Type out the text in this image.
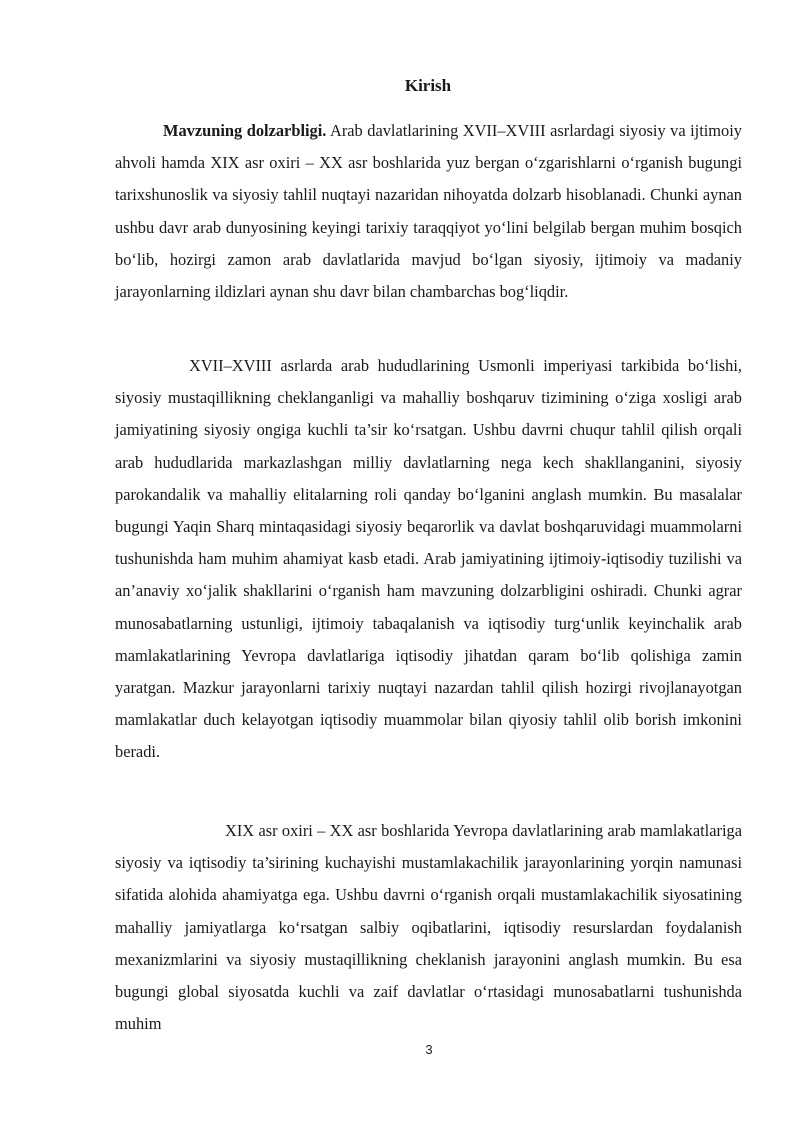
Kirish

Mavzuning dolzarbligi. Arab davlatlarining XVII–XVIII asrlardagi siyosiy va ijtimoiy ahvoli hamda XIX asr oxiri – XX asr boshlarida yuz bergan o‘zgarishlarni o‘rganish bugungi tarixshunoslik va siyosiy tahlil nuqtayi nazaridan nihoyatda dolzarb hisoblanadi. Chunki aynan ushbu davr arab dunyosining keyingi tarixiy taraqqiyot yo‘lini belgilab bergan muhim bosqich bo‘lib, hozirgi zamon arab davlatlarida mavjud bo‘lgan siyosiy, ijtimoiy va madaniy jarayonlarning ildizlari aynan shu davr bilan chambarchas bog‘liqdir.

XVII–XVIII asrlarda arab hududlarining Usmonli imperiyasi tarkibida bo‘lishi, siyosiy mustaqillikning cheklanganligi va mahalliy boshqaruv tizimining o‘ziga xosligi arab jamiyatining siyosiy ongiga kuchli ta’sir ko‘rsatgan. Ushbu davrni chuqur tahlil qilish orqali arab hududlarida markazlashgan milliy davlatlarning nega kech shakllanganini, siyosiy parokandalik va mahalliy elitalarning roli qanday bo‘lganini anglash mumkin. Bu masalalar bugungi Yaqin Sharq mintaqasidagi siyosiy beqarorlik va davlat boshqaruvidagi muammolarni tushunishda ham muhim ahamiyat kasb etadi. Arab jamiyatining ijtimoiy-iqtisodiy tuzilishi va an’anaviy xo‘jalik shakllarini o‘rganish ham mavzuning dolzarbligini oshiradi. Chunki agrar munosabatlarning ustunligi, ijtimoiy tabaqalanish va iqtisodiy turg‘unlik keyinchalik arab mamlakatlarining Yevropa davlatlariga iqtisodiy jihatdan qaram bo‘lib qolishiga zamin yaratgan. Mazkur jarayonlarni tarixiy nuqtayi nazardan tahlil qilish hozirgi rivojlanayotgan mamlakatlar duch kelayotgan iqtisodiy muammolar bilan qiyosiy tahlil olib borish imkonini beradi.

XIX asr oxiri – XX asr boshlarida Yevropa davlatlarining arab mamlakatlariga siyosiy va iqtisodiy ta’sirining kuchayishi mustamlakachilik jarayonlarining yorqin namunasi sifatida alohida ahamiyatga ega. Ushbu davrni o‘rganish orqali mustamlakachilik siyosatining mahalliy jamiyatlarga ko‘rsatgan salbiy oqibatlarini, iqtisodiy resurslardan foydalanish mexanizmlarini va siyosiy mustaqillikning cheklanish jarayonini anglash mumkin. Bu esa bugungi global siyosatda kuchli va zaif davlatlar o‘rtasidagi munosabatlarni tushunishda muhim

3
